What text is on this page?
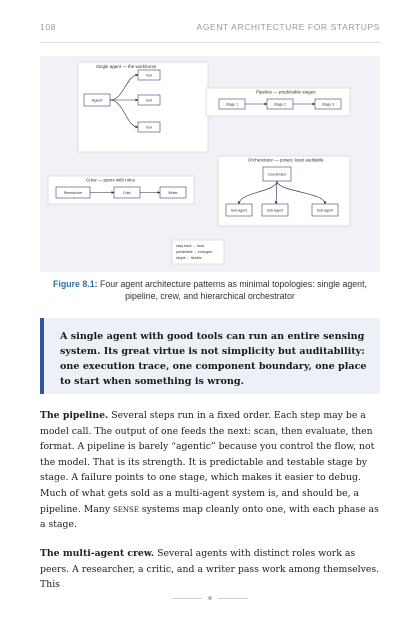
108	AGENT ARCHITECTURE FOR STARTUPS
Single agent — the workhorse
Agent
tool
tool
tool
Pipeline — predictable stages
Stage 1	Stage 2	Stage 3
Orchestrator — power, least auditable
Coordinator
Sub-agent	Sub-agent	Sub-agent
Crew — peers with roles
Researcher	Critic	Writer
easy trace → hard
predictable → emergent
simple → flexible
Figure 8.1: Four agent architecture patterns as minimal topologies: single agent, pipeline, crew, and hierarchical orchestrator

A single agent with good tools can run an entire sensing system. Its great virtue is not simplicity but auditability: one execution trace, one component boundary, one place to start when something is wrong.

The pipeline. Several steps run in a fixed order. Each step may be a model call. The output of one feeds the next: scan, then evaluate, then format. A pipeline is barely “agentic” because you control the flow, not the model. That is its strength. It is predictable and testable stage by stage. A failure points to one stage, which makes it easier to debug. Much of what gets sold as a multi-agent system is, and should be, a pipeline. Many sense systems map cleanly onto one, with each phase as a stage.

The multi-agent crew. Several agents with distinct roles work as peers. A researcher, a critic, and a writer pass work among themselves. This
